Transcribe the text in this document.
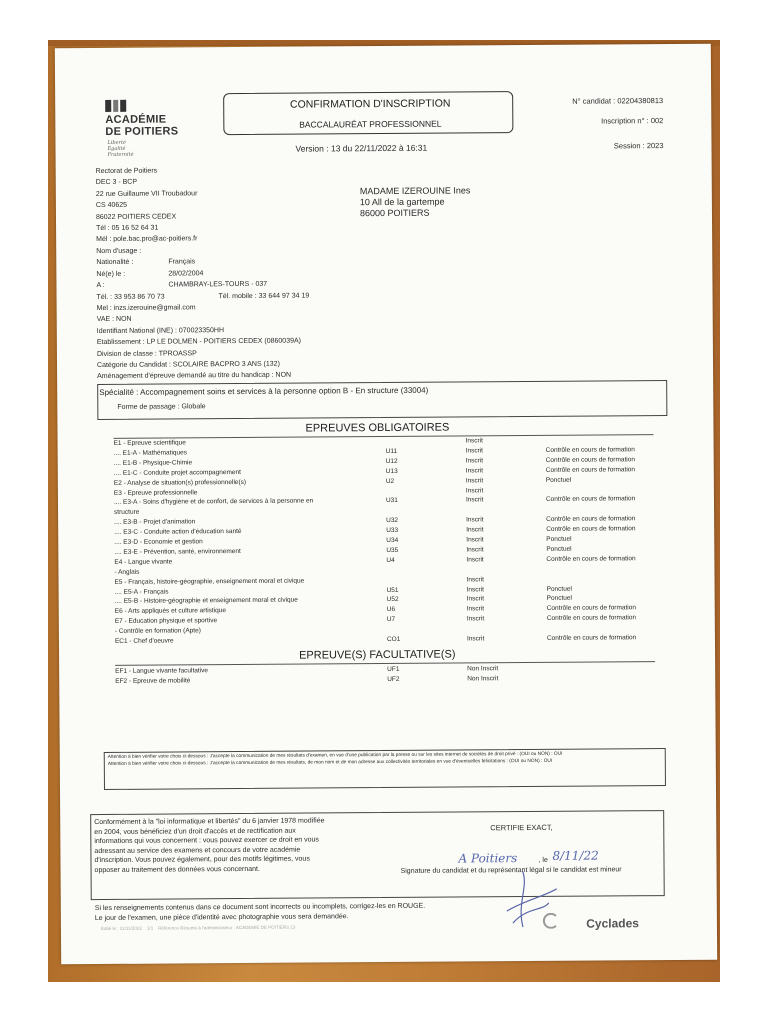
ACADÉMIE
DE POITIERS
Liberté
Égalité
Fraternité
CONFIRMATION D'INSCRIPTION
BACCALAURÉAT PROFESSIONNEL
Version : 13 du 22/11/2022 à 16:31
N° candidat : 02204380813
Inscription n° : 002
Session : 2023
Rectorat de Poitiers
DEC 3 - BCP
22 rue Guillaume VII Troubadour
CS 40625
86022 POITIERS CEDEX
Tél : 05 16 52 64 31
Mél : pole.bac.pro@ac-poitiers.fr
MADAME IZEROUINE Ines
10 All de la gartempe
86000 POITIERS
Nom d'usage :
Nationalité :	Français
Né(e) le :	28/02/2004
A :	CHAMBRAY-LES-TOURS - 037
Tél. : 33 953 86 70 73	Tél. mobile : 33 644 97 34 19
Mel : inzs.izerouine@gmail.com
VAE : NON
Identifiant National (INE) : 070023350HH
Etablissement : LP LE DOLMEN - POITIERS CEDEX (0860039A)
Division de classe : TPROASSP
Catégorie du Candidat : SCOLAIRE BACPRO 3 ANS (132)
Aménagement d'épreuve demandé au titre du handicap : NON
Spécialité : Accompagnement soins et services à la personne option B - En structure (33004)
Forme de passage : Globale
EPREUVES OBLIGATOIRES
E1 - Epreuve scientifique	Inscrit
.... E1-A - Mathématiques	U11	Inscrit	Contrôle en cours de formation
.... E1-B - Physique-Chimie	U12	Inscrit	Contrôle en cours de formation
.... E1-C - Conduite projet accompagnement	U13	Inscrit	Contrôle en cours de formation
E2 - Analyse de situation(s) professionnelle(s)	U2	Inscrit	Ponctuel
E3 - Epreuve professionnelle	Inscrit
.... E3-A - Soins d'hygiène et de confort, de services à la personne en	U31	Inscrit	Contrôle en cours de formation
structure
.... E3-B - Projet d'animation	U32	Inscrit	Contrôle en cours de formation
.... E3-C - Conduite action d'éducation santé	U33	Inscrit	Contrôle en cours de formation
.... E3-D - Economie et gestion	U34	Inscrit	Ponctuel
.... E3-E - Prévention, santé, environnement	U35	Inscrit	Ponctuel
E4 - Langue vivante	U4	Inscrit	Contrôle en cours de formation
- Anglais
E5 - Français, histoire-géographie, enseignement moral et civique	Inscrit
.... E5-A - Français	U51	Inscrit	Ponctuel
.... E5-B - Histoire-géographie et enseignement moral et civique	U52	Inscrit	Ponctuel
E6 - Arts appliqués et culture artistique	U6	Inscrit	Contrôle en cours de formation
E7 - Education physique et sportive	U7	Inscrit	Contrôle en cours de formation
- Contrôle en formation (Apte)
EC1 - Chef d'oeuvre	CO1	Inscrit	Contrôle en cours de formation
EPREUVE(S) FACULTATIVE(S)
EF1 - Langue vivante facultative	UF1	Non Inscrit
EF2 - Epreuve de mobilité	UF2	Non Inscrit
Attention à bien vérifier votre choix ci-dessous : J'accepte la communication de mes résultats d'examen, en vue d'une publication par la presse ou sur les sites internet de sociétés de droit privé : (OUI ou NON) : OUI
Attention à bien vérifier votre choix ci-dessous : J'accepte la communication de mes résultats, de mon nom et de mon adresse aux collectivités territoriales en vue d'éventuelles félicitations : (OUI ou NON) : OUI
Conformément à la "loi informatique et libertés" du 6 janvier 1978 modifiée
en 2004, vous bénéficiez d'un droit d'accès et de rectification aux
informations qui vous concernent : vous pouvez exercer ce droit en vous
adressant au service des examens et concours de votre académie
d'inscription. Vous pouvez également, pour des motifs légitimes, vous
opposer au traitement des données vous concernant.
CERTIFIE EXACT,
A Poitiers	, le 8/11/22
Signature du candidat et du représentant légal si le candidat est mineur
Si les renseignements contenus dans ce document sont incorrects ou incomplets, corrigez-les en ROUGE.
Le jour de l'examen, une pièce d'identité avec photographie vous sera demandée.
Edité le : 22/11/2022 1/1 Référence Résumé à l'administrateur : ACADEMIE DE POITIERS 13	Cyclades
